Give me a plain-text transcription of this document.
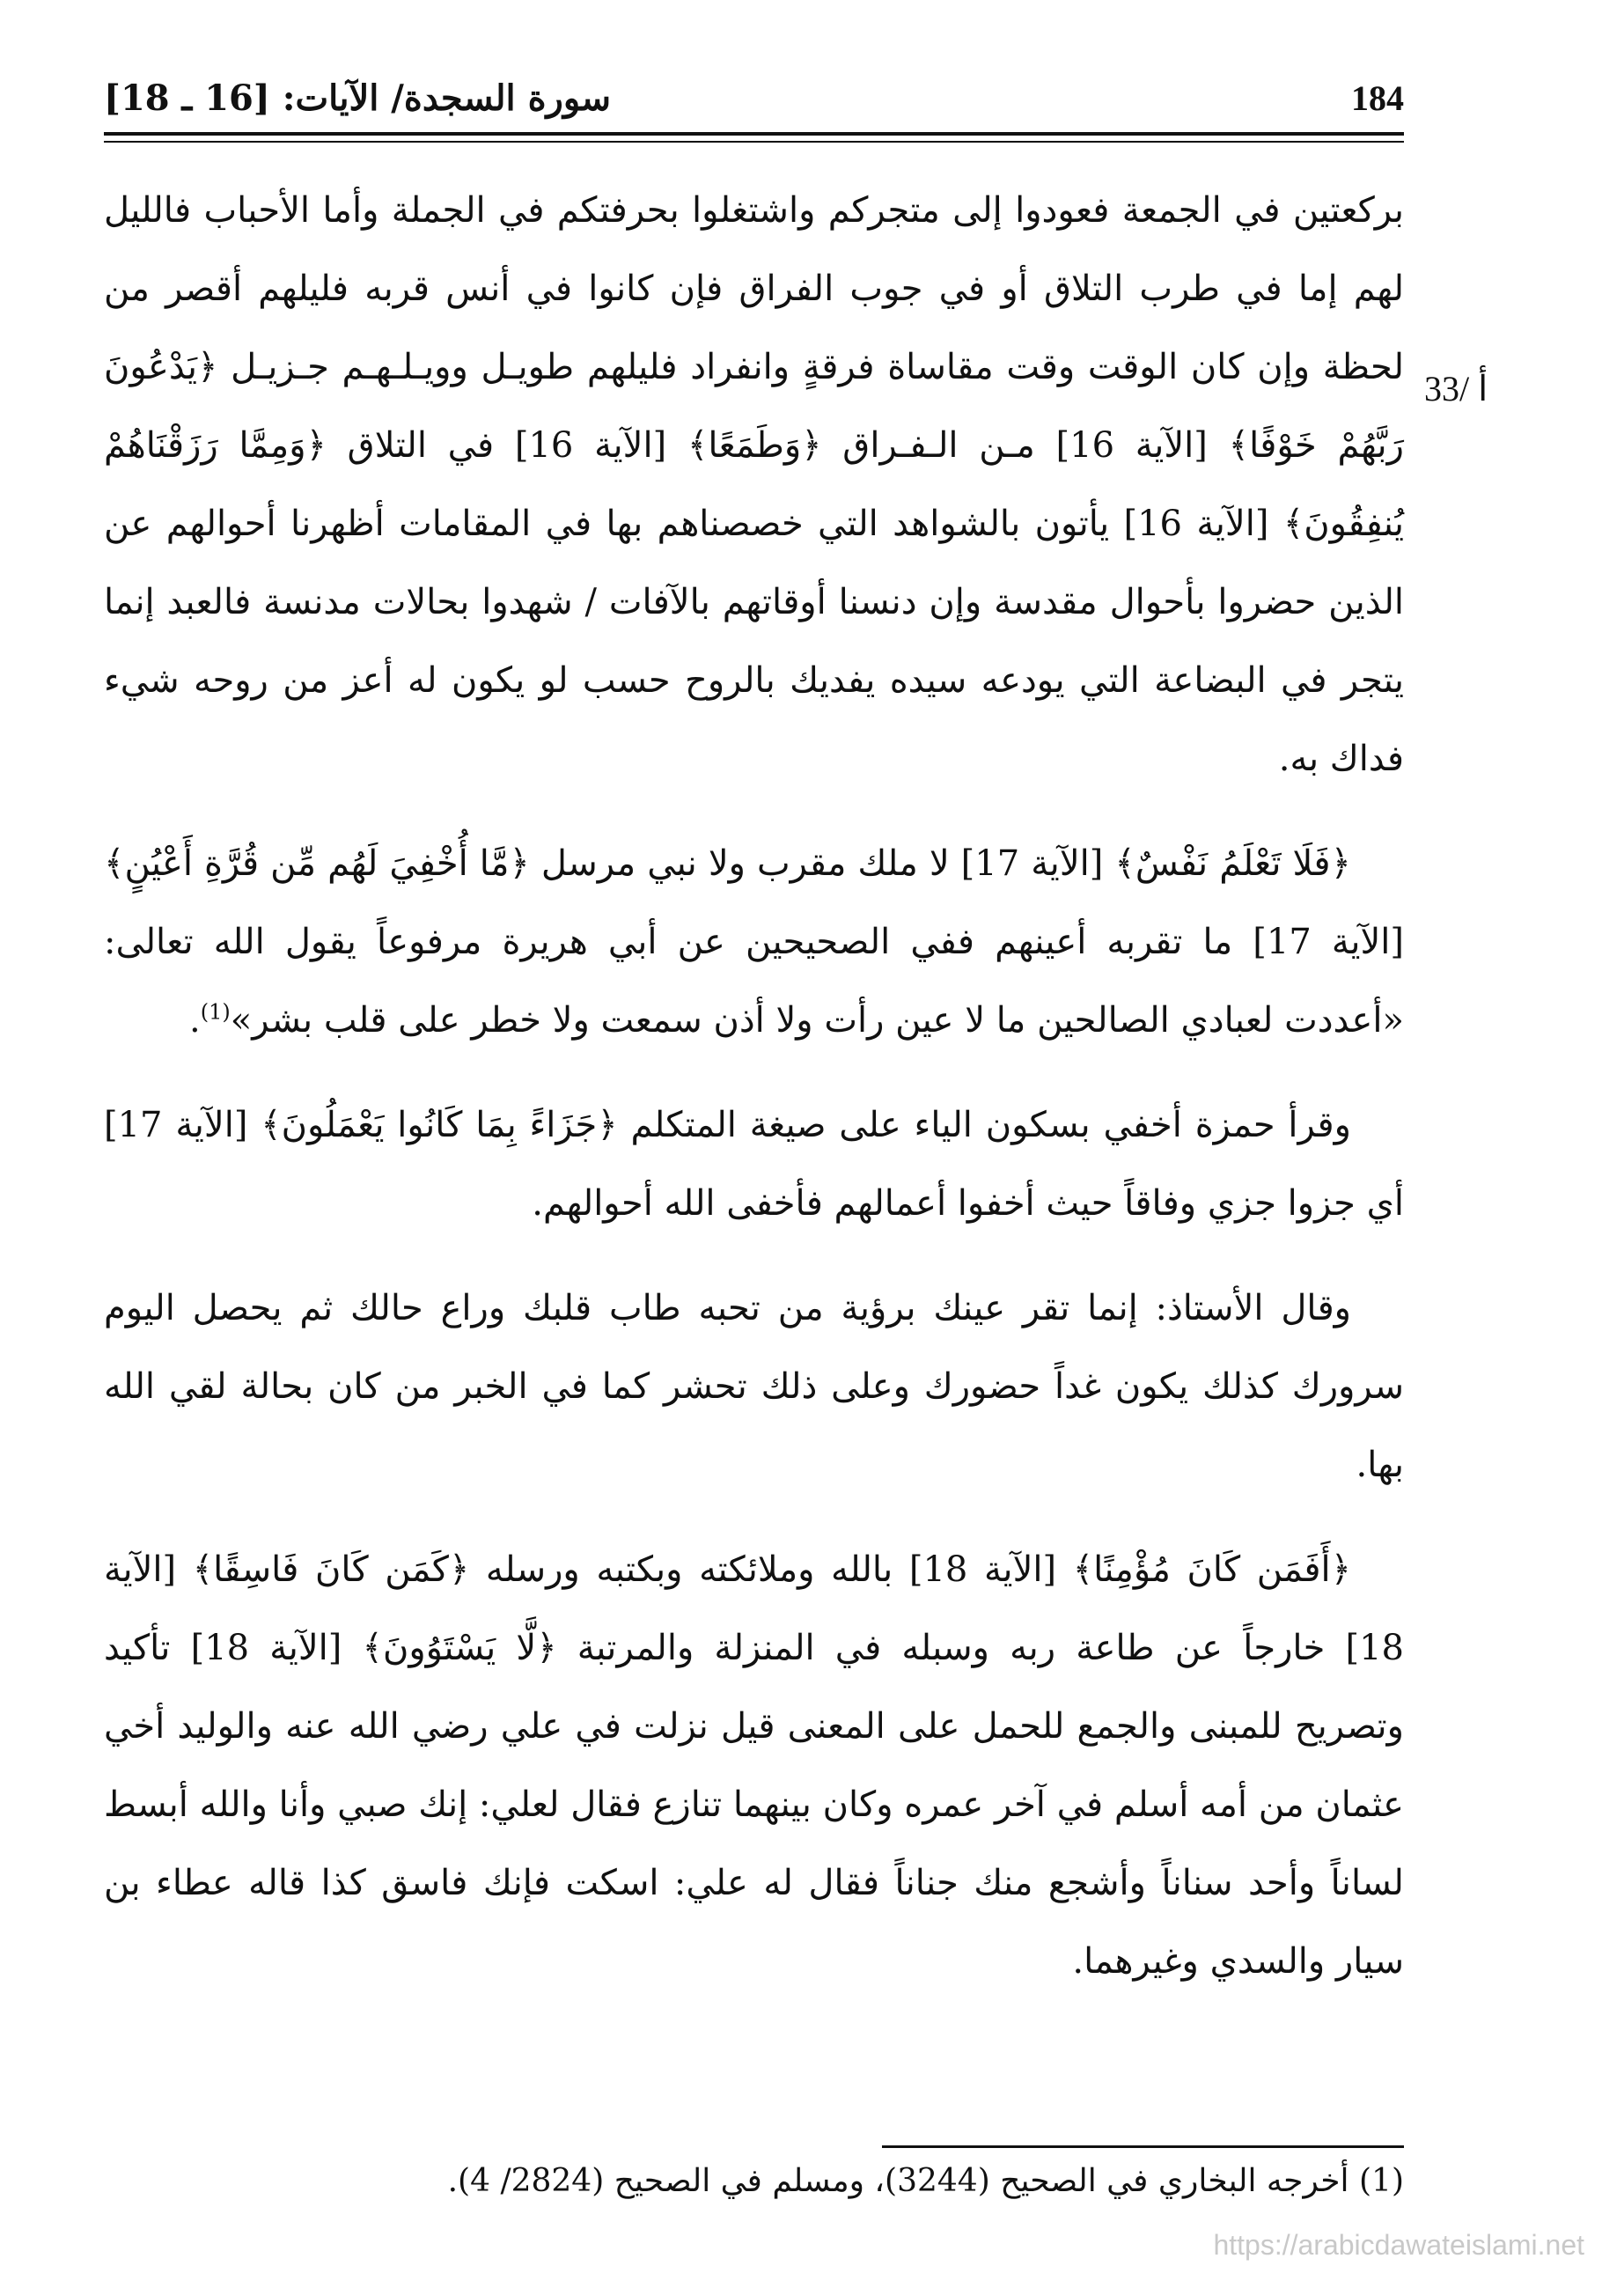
184
سورة السجدة/ الآيات: [16 ـ 18]
33/ أ

بركعتين في الجمعة فعودوا إلى متجركم واشتغلوا بحرفتكم في الجملة وأما الأحباب فالليل لهم إما في طرب التلاق أو في جوب الفراق فإن كانوا في أنس قربه فليلهم أقصر من لحظة وإن كان الوقت وقت مقاساة فرقةٍ وانفراد فليلهم طويـل وويـلـهـم جـزيـل ﴿يَدْعُونَ رَبَّهُمْ خَوْفًا﴾ [الآية 16] مـن الـفـراق ﴿وَطَمَعًا﴾ [الآية 16] في التلاق ﴿وَمِمَّا رَزَقْنَاهُمْ يُنفِقُونَ﴾ [الآية 16] يأتون بالشواهد التي خصصناهم بها في المقامات أظهرنا أحوالهم عن الذين حضروا بأحوال مقدسة وإن دنسنا أوقاتهم بالآفات / شهدوا بحالات مدنسة فالعبد إنما يتجر في البضاعة التي يودعه سيده يفديك بالروح حسب لو يكون له أعز من روحه شيء فداك به.

﴿فَلَا تَعْلَمُ نَفْسٌ﴾ [الآية 17] لا ملك مقرب ولا نبي مرسل ﴿مَّا أُخْفِيَ لَهُم مِّن قُرَّةِ أَعْيُنٍ﴾ [الآية 17] ما تقربه أعينهم ففي الصحيحين عن أبي هريرة مرفوعاً يقول الله تعالى: «أعددت لعبادي الصالحين ما لا عين رأت ولا أذن سمعت ولا خطر على قلب بشر»$^{(1)}$.

وقرأ حمزة أخفي بسكون الياء على صيغة المتكلم ﴿جَزَاءً بِمَا كَانُوا يَعْمَلُونَ﴾ [الآية 17] أي جزوا جزي وفاقاً حيث أخفوا أعمالهم فأخفى الله أحوالهم.

وقال الأستاذ: إنما تقر عينك برؤية من تحبه طاب قلبك وراع حالك ثم يحصل اليوم سرورك كذلك يكون غداً حضورك وعلى ذلك تحشر كما في الخبر من كان بحالة لقي الله بها.

﴿أَفَمَن كَانَ مُؤْمِنًا﴾ [الآية 18] بالله وملائكته وبكتبه ورسله ﴿كَمَن كَانَ فَاسِقًا﴾ [الآية 18] خارجاً عن طاعة ربه وسبله في المنزلة والمرتبة ﴿لَّا يَسْتَوُونَ﴾ [الآية 18] تأكيد وتصريح للمبنى والجمع للحمل على المعنى قيل نزلت في علي رضي الله عنه والوليد أخي عثمان من أمه أسلم في آخر عمره وكان بينهما تنازع فقال لعلي: إنك صبي وأنا والله أبسط لساناً وأحد سناناً وأشجع منك جناناً فقال له علي: اسكت فإنك فاسق كذا قاله عطاء بن سيار والسدي وغيرهما.

(1) أخرجه البخاري في الصحيح (3244)، ومسلم في الصحيح (2824/ 4).
https://arabicdawateislami.net
